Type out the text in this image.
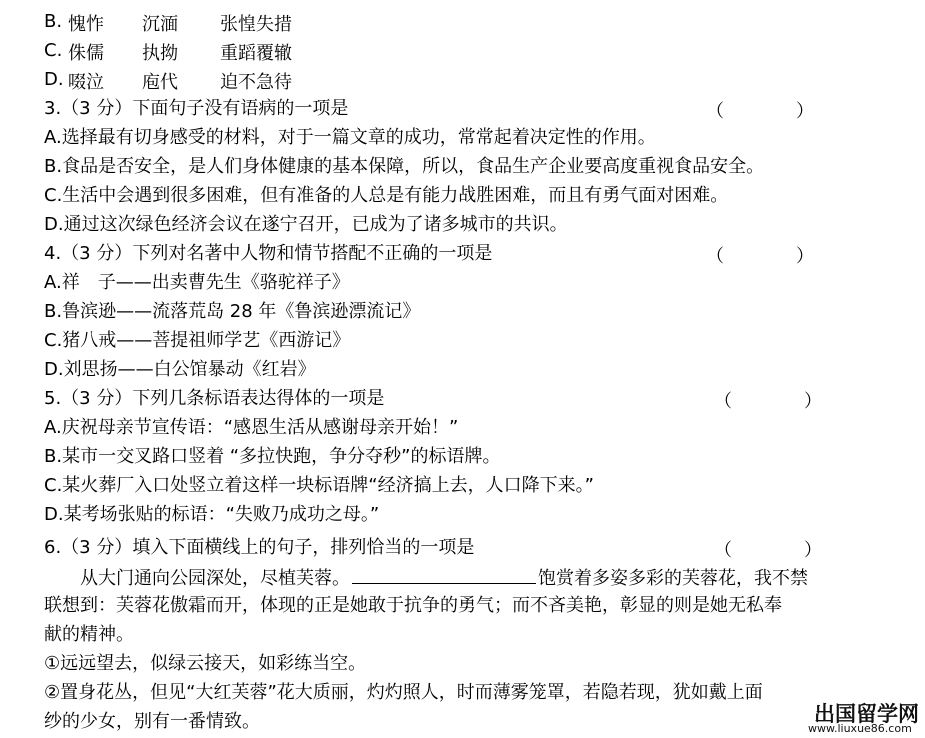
B. 愧怍 沉湎 张惶失措
C. 侏儒 执拗 重蹈覆辙
D. 啜泣 庖代 迫不急待
3.（3 分）下面句子没有语病的一项是	（　　　　）
A.选择最有切身感受的材料，对于一篇文章的成功，常常起着决定性的作用。
B.食品是否安全，是人们身体健康的基本保障，所以，食品生产企业要高度重视食品安全。
C.生活中会遇到很多困难，但有准备的人总是有能力战胜困难，而且有勇气面对困难。
D.通过这次绿色经济会议在遂宁召开，已成为了诸多城市的共识。
4.（3 分）下列对名著中人物和情节搭配不正确的一项是	（　　　　）
A.祥　子——出卖曹先生《骆驼祥子》
B.鲁滨逊——流落荒岛 28 年《鲁滨逊漂流记》
C.猪八戒——菩提祖师学艺《西游记》
D.刘思扬——白公馆暴动《红岩》
5.（3 分）下列几条标语表达得体的一项是	（　　　　）
A.庆祝母亲节宣传语：“感恩生活从感谢母亲开始！”
B.某市一交叉路口竖着 “多拉快跑，争分夺秒”的标语牌。
C.某火葬厂入口处竖立着这样一块标语牌“经济搞上去，人口降下来。”
D.某考场张贴的标语：“失败乃成功之母。”
6.（3 分）填入下面横线上的句子，排列恰当的一项是	（　　　　）
从大门通向公园深处，尽植芙蓉。	饱赏着多姿多彩的芙蓉花，我不禁
联想到：芙蓉花傲霜而开，体现的正是她敢于抗争的勇气；而不吝美艳，彰显的则是她无私奉
献的精神。
①远远望去，似绿云接天，如彩练当空。
②置身花丛，但见“大红芙蓉”花大质丽，灼灼照人，时而薄雾笼罩，若隐若现，犹如戴上面
纱的少女，别有一番情致。	出国留学网
www.liuxue86.com
